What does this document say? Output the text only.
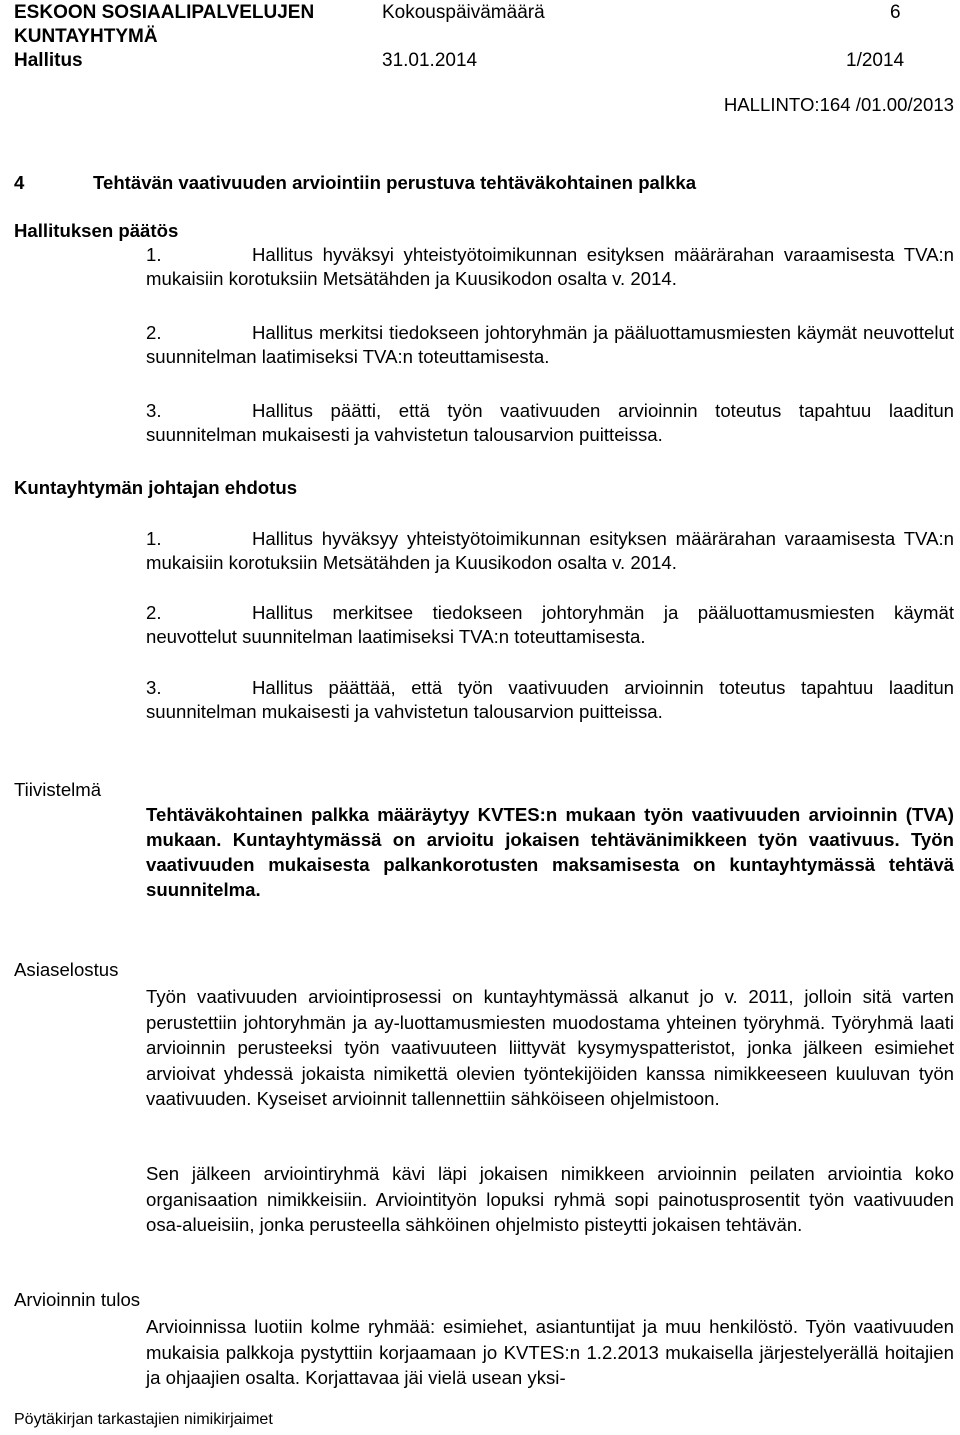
ESKOON SOSIAALIPALVELUJEN
KUNTAYHTYMÄ
Hallitus
Kokouspäivämäärä
31.01.2014
6
1/2014
HALLINTO:164 /01.00/2013
4	Tehtävän vaativuuden arviointiin perustuva tehtäväkohtainen palkka
Hallituksen päätös
1.	Hallitus hyväksyi yhteistyötoimikunnan esityksen määrärahan varaamisesta TVA:n mukaisiin korotuksiin Metsätähden ja Kuusikodon osalta v. 2014.
2.	Hallitus merkitsi tiedokseen johtoryhmän ja pääluottamusmiesten käymät neuvottelut suunnitelman laatimiseksi TVA:n toteuttamisesta.
3.	Hallitus päätti, että työn vaativuuden arvioinnin toteutus tapahtuu laaditun suunnitelman mukaisesti ja vahvistetun talousarvion puitteissa.
Kuntayhtymän johtajan ehdotus
1.	Hallitus hyväksyy yhteistyötoimikunnan esityksen määrärahan varaamisesta TVA:n mukaisiin korotuksiin Metsätähden ja Kuusikodon osalta v. 2014.
2.	Hallitus merkitsee tiedokseen johtoryhmän ja pääluottamusmiesten käymät neuvottelut suunnitelman laatimiseksi TVA:n toteuttamisesta.
3.	Hallitus päättää, että työn vaativuuden arvioinnin toteutus tapahtuu laaditun suunnitelman mukaisesti ja vahvistetun talousarvion puitteissa.
Tiivistelmä
Tehtäväkohtainen palkka määräytyy KVTES:n mukaan työn vaativuuden arvioinnin (TVA) mukaan. Kuntayhtymässä on arvioitu jokaisen tehtävänimikkeen työn vaativuus. Työn vaativuuden mukaisesta palkankorotusten maksamisesta on kuntayhtymässä tehtävä suunnitelma.
Asiaselostus
Työn vaativuuden arviointiprosessi on kuntayhtymässä alkanut jo v. 2011, jolloin sitä varten perustettiin johtoryhmän ja ay-luottamusmiesten muodostama yhteinen työryhmä. Työryhmä laati arvioinnin perusteeksi työn vaativuuteen liittyvät kysymyspatteristot, jonka jälkeen esimiehet arvioivat yhdessä jokaista nimikettä olevien työntekijöiden kanssa nimikkeeseen kuuluvan työn vaativuuden. Kyseiset arvioinnit tallennettiin sähköiseen ohjelmistoon.
Sen jälkeen arviointiryhmä kävi läpi jokaisen nimikkeen arvioinnin peilaten arviointia koko organisaation nimikkeisiin. Arviointityön lopuksi ryhmä sopi painotusprosentit työn vaativuuden osa-alueisiin, jonka perusteella sähköinen ohjelmisto pisteytti jokaisen tehtävän.
Arvioinnin tulos
Arvioinnissa luotiin kolme ryhmää: esimiehet, asiantuntijat ja muu henkilöstö. Työn vaativuuden mukaisia palkkoja pystyttiin korjaamaan jo KVTES:n 1.2.2013 mukaisella järjestelyerällä hoitajien ja ohjaajien osalta. Korjattavaa jäi vielä usean yksi-
Pöytäkirjan tarkastajien nimikirjaimet
